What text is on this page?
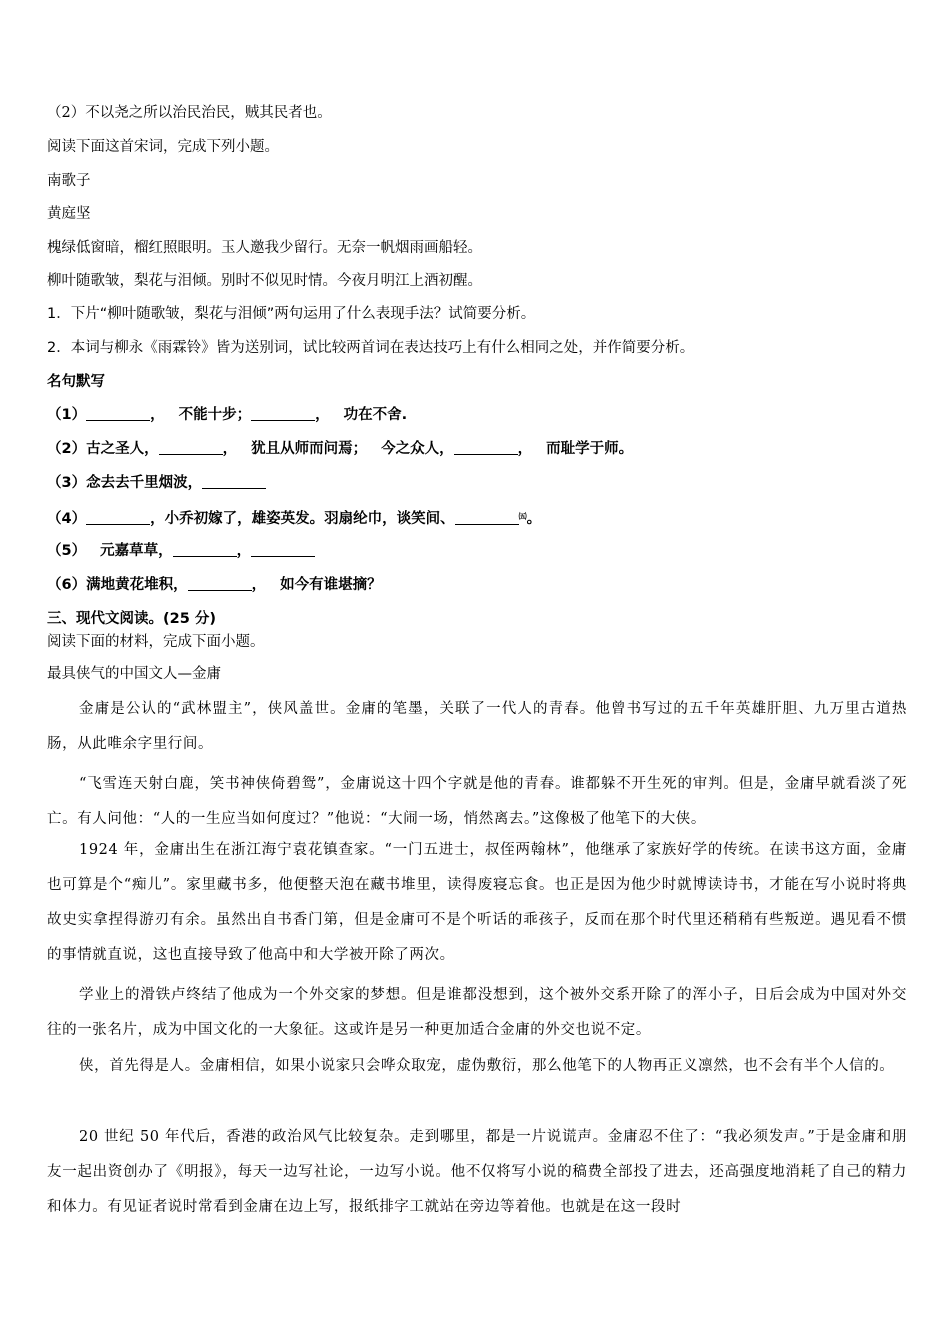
（2）不以尧之所以治民治民，贼其民者也。
阅读下面这首宋词，完成下列小题。
南歌子
黄庭坚
槐绿低窗暗，榴红照眼明。玉人邀我少留行。无奈一帆烟雨画船轻。
柳叶随歌皱，梨花与泪倾。别时不似见时情。今夜月明江上酒初醒。
1．下片“柳叶随歌皱，梨花与泪倾”两句运用了什么表现手法？试简要分析。
2．本词与柳永《雨霖铃》皆为送别词，试比较两首词在表达技巧上有什么相同之处，并作简要分析。
名句默写
（1）	， 不能十步；	， 功在不舍.
（2）古之圣人，	， 犹且从师而问焉； 今之众人，	， 而耻学于师。
（3）念去去千里烟波，
（4）	，小乔初嫁了，雄姿英发。羽扇纶巾，谈笑间、	$^㈤$。
（5） 元嘉草草，	，
（6）满地黄花堆积，	， 如今有谁堪摘？
三、现代文阅读。(25 分)
阅读下面的材料，完成下面小题。
最具侠气的中国文人—金庸
金庸是公认的“武林盟主”，侠风盖世。金庸的笔墨，关联了一代人的青春。他曾书写过的五千年英雄肝胆、九万里古道热肠，从此唯余字里行间。
“飞雪连天射白鹿，笑书神侠倚碧鸳”，金庸说这十四个字就是他的青春。谁都躲不开生死的审判。但是，金庸早就看淡了死亡。有人问他：“人的一生应当如何度过？”他说：“大闹一场，悄然离去。”这像极了他笔下的大侠。
1924 年，金庸出生在浙江海宁袁花镇查家。“一门五进士，叔侄两翰林”，他继承了家族好学的传统。在读书这方面，金庸也可算是个“痴儿”。家里藏书多，他便整天泡在藏书堆里，读得废寝忘食。也正是因为他少时就博读诗书，才能在写小说时将典故史实拿捏得游刃有余。虽然出自书香门第，但是金庸可不是个听话的乖孩子，反而在那个时代里还稍稍有些叛逆。遇见看不惯的事情就直说，这也直接导致了他高中和大学被开除了两次。
学业上的滑铁卢终结了他成为一个外交家的梦想。但是谁都没想到，这个被外交系开除了的浑小子，日后会成为中国对外交往的一张名片，成为中国文化的一大象征。这或许是另一种更加适合金庸的外交也说不定。
侠，首先得是人。金庸相信，如果小说家只会哗众取宠，虚伪敷衍，那么他笔下的人物再正义凛然，也不会有半个人信的。
20 世纪 50 年代后，香港的政治风气比较复杂。走到哪里，都是一片说谎声。金庸忍不住了：“我必须发声。”于是金庸和朋友一起出资创办了《明报》，每天一边写社论，一边写小说。他不仅将写小说的稿费全部投了进去，还高强度地消耗了自己的精力和体力。有见证者说时常看到金庸在边上写，报纸排字工就站在旁边等着他。也就是在这一段时
